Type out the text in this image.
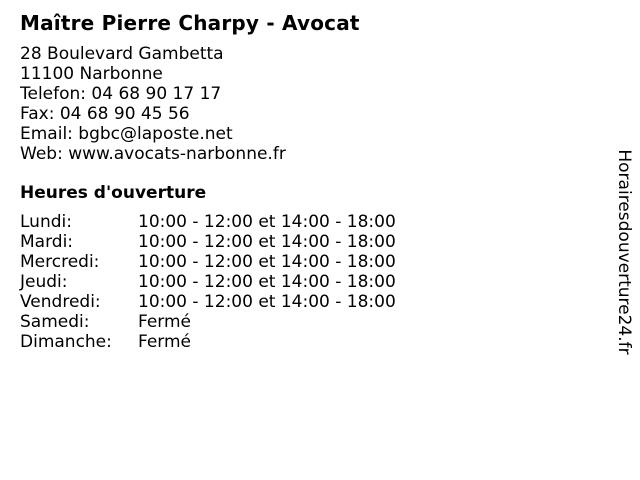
Maître Pierre Charpy - Avocat
28 Boulevard Gambetta
11100 Narbonne
Telefon: 04 68 90 17 17
Fax: 04 68 90 45 56
Email: bgbc@laposte.net
Web: www.avocats-narbonne.fr
Heures d'ouverture
Lundi:	10:00 - 12:00 et 14:00 - 18:00
Mardi:	10:00 - 12:00 et 14:00 - 18:00
Mercredi:	10:00 - 12:00 et 14:00 - 18:00
Jeudi:	10:00 - 12:00 et 14:00 - 18:00
Vendredi:	10:00 - 12:00 et 14:00 - 18:00
Samedi:	Fermé
Dimanche:	Fermé	Horairesdouverture24.fr
